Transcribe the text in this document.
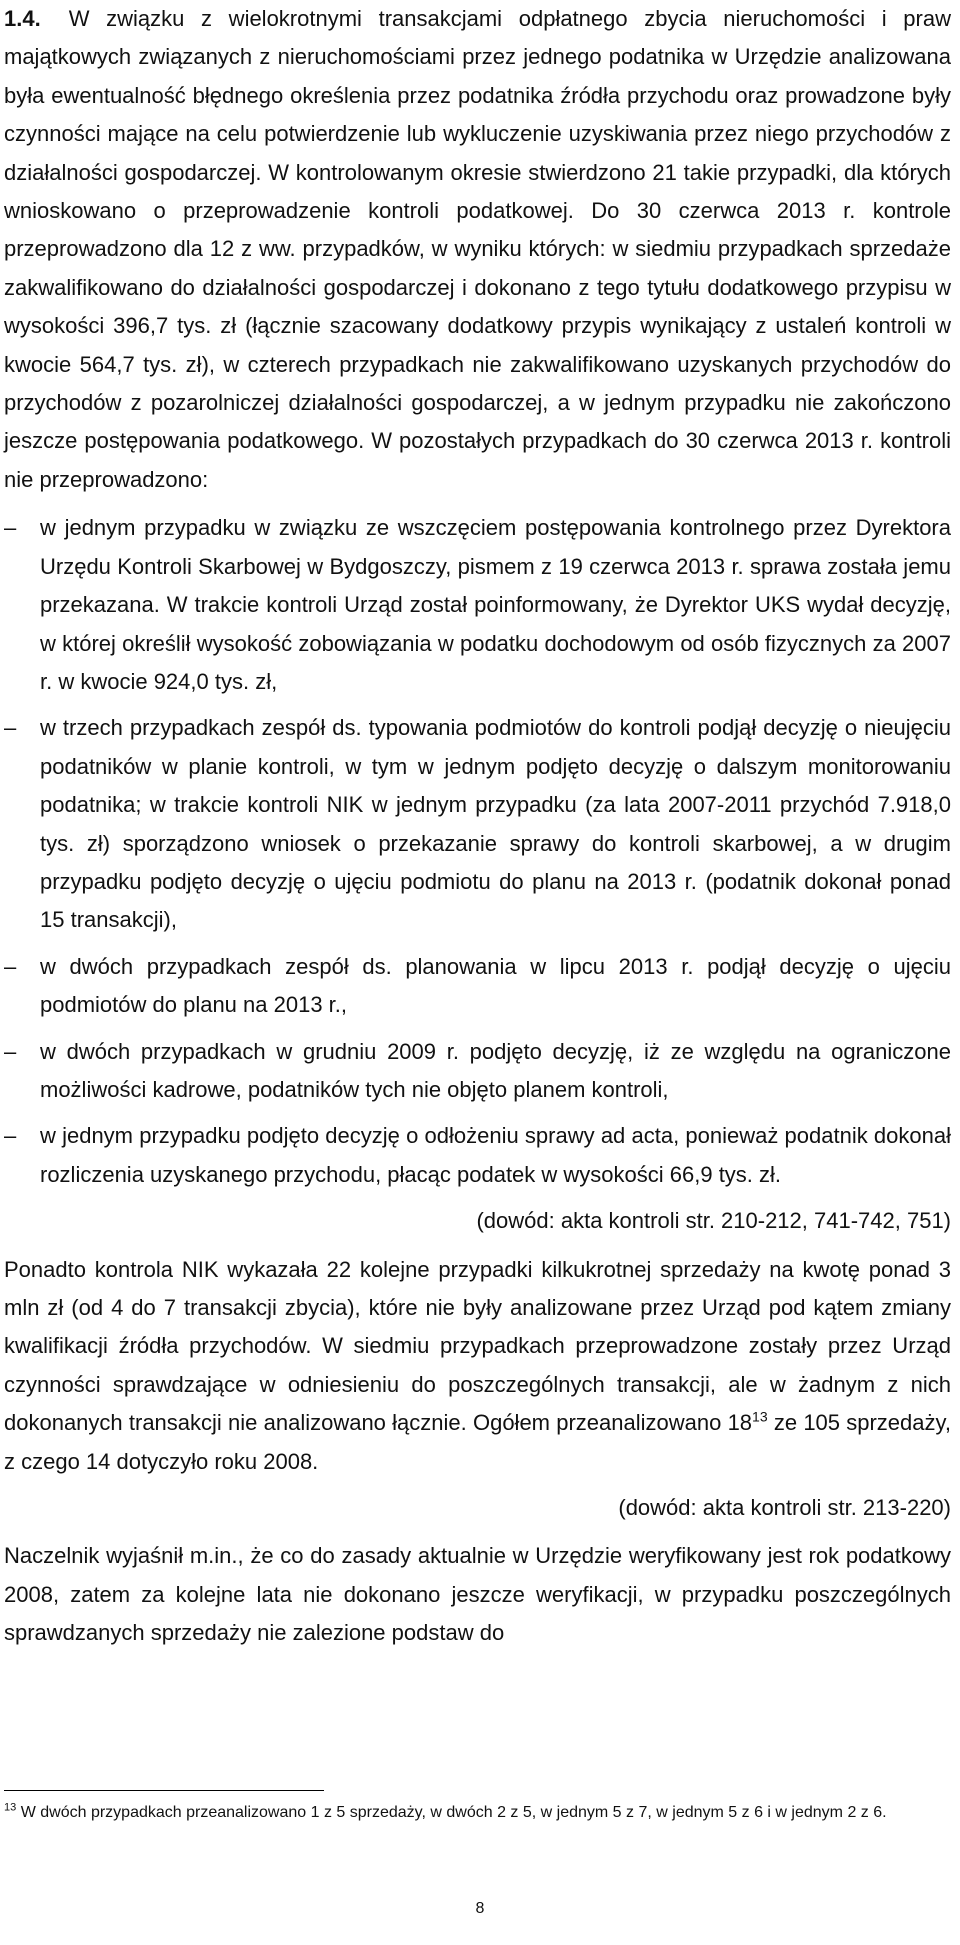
1.4. W związku z wielokrotnymi transakcjami odpłatnego zbycia nieruchomości i praw majątkowych związanych z nieruchomościami przez jednego podatnika w Urzędzie analizowana była ewentualność błędnego określenia przez podatnika źródła przychodu oraz prowadzone były czynności mające na celu potwierdzenie lub wykluczenie uzyskiwania przez niego przychodów z działalności gospodarczej. W kontrolowanym okresie stwierdzono 21 takie przypadki, dla których wnioskowano o przeprowadzenie kontroli podatkowej. Do 30 czerwca 2013 r. kontrole przeprowadzono dla 12 z ww. przypadków, w wyniku których: w siedmiu przypadkach sprzedaże zakwalifikowano do działalności gospodarczej i dokonano z tego tytułu dodatkowego przypisu w wysokości 396,7 tys. zł (łącznie szacowany dodatkowy przypis wynikający z ustaleń kontroli w kwocie 564,7 tys. zł), w czterech przypadkach nie zakwalifikowano uzyskanych przychodów do przychodów z pozarolniczej działalności gospodarczej, a w jednym przypadku nie zakończono jeszcze postępowania podatkowego. W pozostałych przypadkach do 30 czerwca 2013 r. kontroli nie przeprowadzono:

–	w jednym przypadku w związku ze wszczęciem postępowania kontrolnego przez Dyrektora Urzędu Kontroli Skarbowej w Bydgoszczy, pismem z 19 czerwca 2013 r. sprawa została jemu przekazana. W trakcie kontroli Urząd został poinformowany, że Dyrektor UKS wydał decyzję, w której określił wysokość zobowiązania w podatku dochodowym od osób fizycznych za 2007 r. w kwocie 924,0 tys. zł,
–	w trzech przypadkach zespół ds. typowania podmiotów do kontroli podjął decyzję o nieujęciu podatników w planie kontroli, w tym w jednym podjęto decyzję o dalszym monitorowaniu podatnika; w trakcie kontroli NIK w jednym przypadku (za lata 2007-2011 przychód 7.918,0 tys. zł) sporządzono wniosek o przekazanie sprawy do kontroli skarbowej, a w drugim przypadku podjęto decyzję o ujęciu podmiotu do planu na 2013 r. (podatnik dokonał ponad 15 transakcji),
–	w dwóch przypadkach zespół ds. planowania w lipcu 2013 r. podjął decyzję o ujęciu podmiotów do planu na 2013 r.,
–	w dwóch przypadkach w grudniu 2009 r. podjęto decyzję, iż ze względu na ograniczone możliwości kadrowe, podatników tych nie objęto planem kontroli,
–	w jednym przypadku podjęto decyzję o odłożeniu sprawy ad acta, ponieważ podatnik dokonał rozliczenia uzyskanego przychodu, płacąc podatek w wysokości 66,9 tys. zł.

(dowód: akta kontroli str. 210-212, 741-742, 751)

Ponadto kontrola NIK wykazała 22 kolejne przypadki kilkukrotnej sprzedaży na kwotę ponad 3 mln zł (od 4 do 7 transakcji zbycia), które nie były analizowane przez Urząd pod kątem zmiany kwalifikacji źródła przychodów. W siedmiu przypadkach przeprowadzone zostały przez Urząd czynności sprawdzające w odniesieniu do poszczególnych transakcji, ale w żadnym z nich dokonanych transakcji nie analizowano łącznie. Ogółem przeanalizowano $18^{13}$ ze 105 sprzedaży, z czego 14 dotyczyło roku 2008.

(dowód: akta kontroli str. 213-220)

Naczelnik wyjaśnił m.in., że co do zasady aktualnie w Urzędzie weryfikowany jest rok podatkowy 2008, zatem za kolejne lata nie dokonano jeszcze weryfikacji, w przypadku poszczególnych sprawdzanych sprzedaży nie zalezione podstaw do

$^{13}$ W dwóch przypadkach przeanalizowano 1 z 5 sprzedaży, w dwóch 2 z 5, w jednym 5 z 7, w jednym 5 z 6 i w jednym 2 z 6.
8
